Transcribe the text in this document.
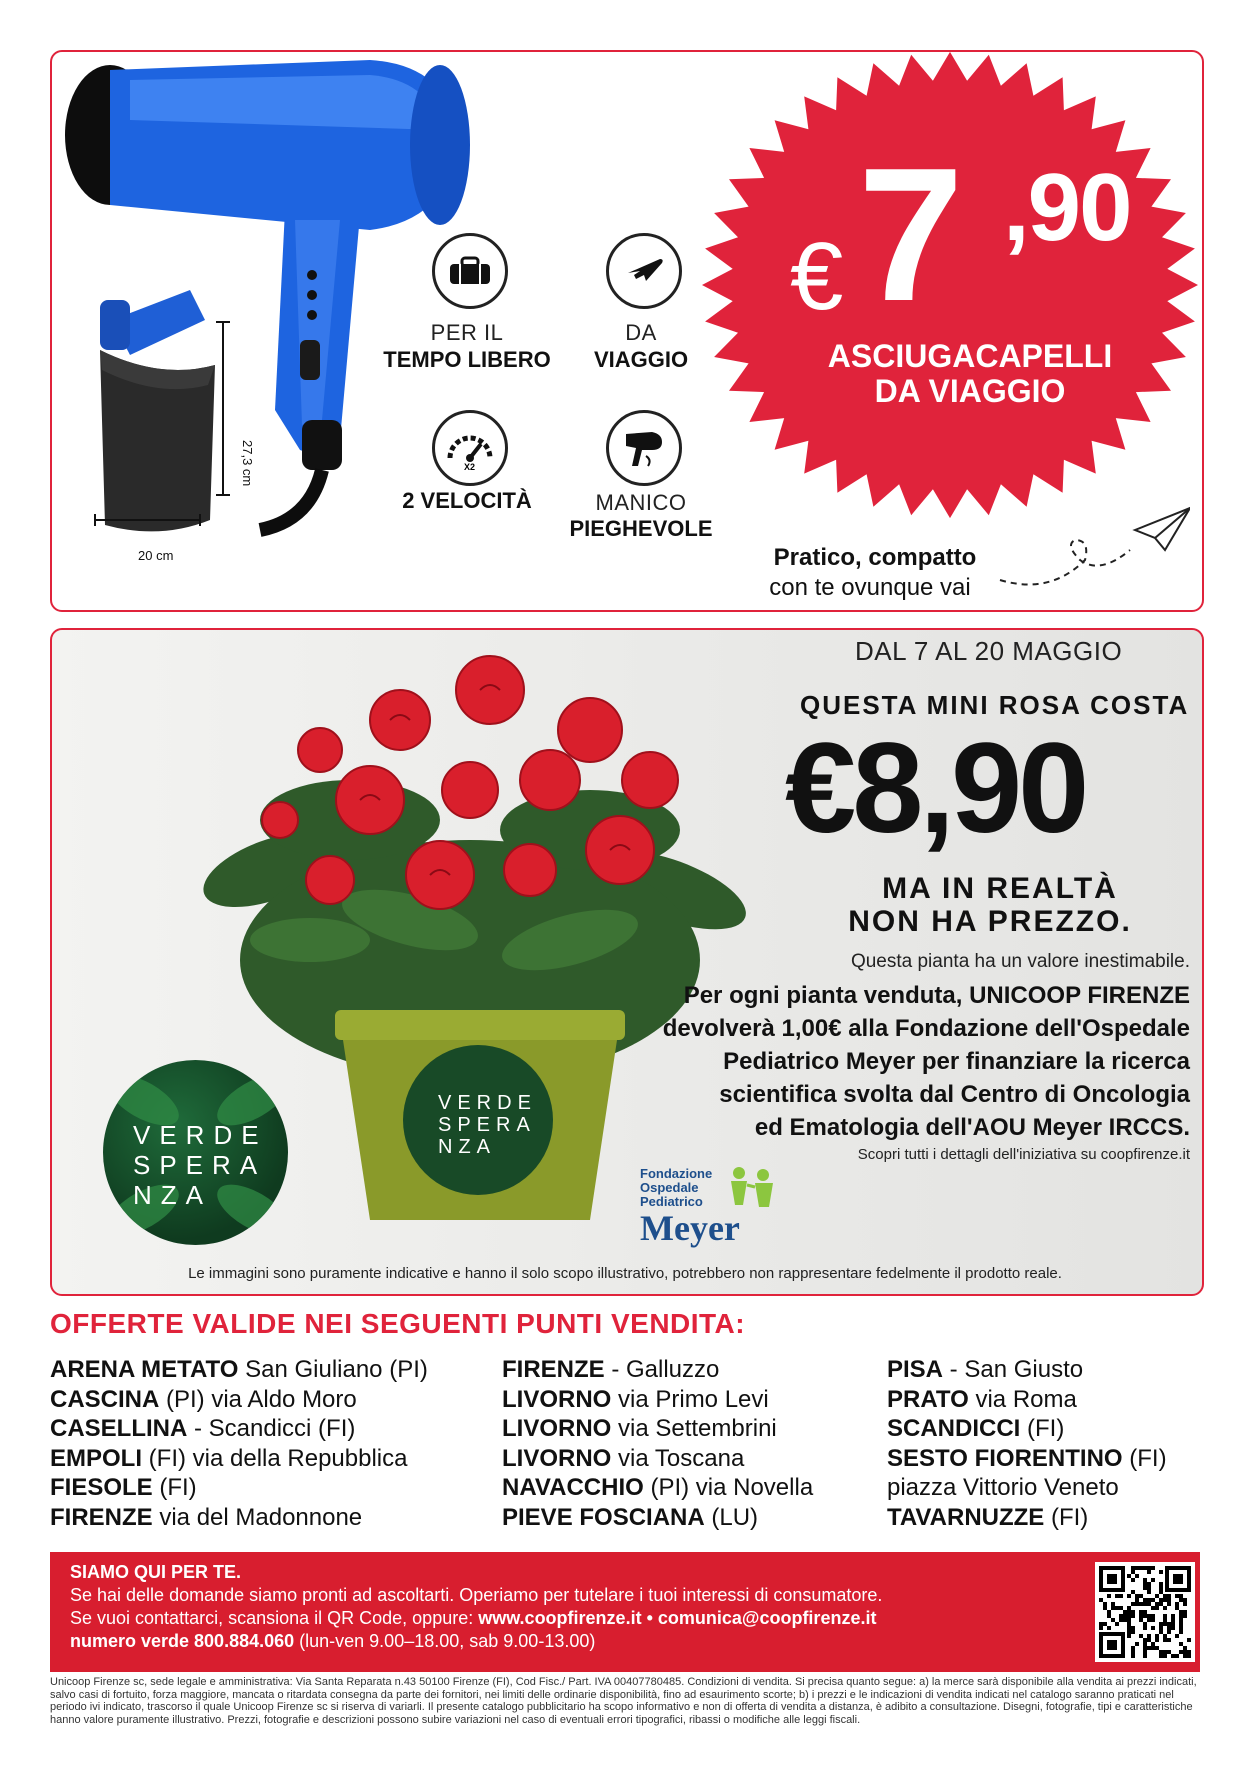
27,3 cm
20 cm
PER IL
TEMPO LIBERO
DA
VIAGGIO
X2
2 VELOCITÀ	MANICO
PIEGHEVOLE
€ 7 ,90
ASCIUGACAPELLI
DA VIAGGIO
Pratico, compatto
con te ovunque vai
VERDE
SPERA
NZA
VERDE
SPERA
NZA
DAL 7 AL 20 MAGGIO
QUESTA MINI ROSA COSTA
€8,90
MA IN REALTÀ
NON HA PREZZO.
Questa pianta ha un valore inestimabile.
Per ogni pianta venduta, UNICOOP FIRENZE
devolverà 1,00€ alla Fondazione dell'Ospedale
Pediatrico Meyer per finanziare la ricerca
scientifica svolta dal Centro di Oncologia
ed Ematologia dell'AOU Meyer IRCCS.
Scopri tutti i dettagli dell'iniziativa su coopfirenze.it
Fondazione
Ospedale
Pediatrico
Meyer
Le immagini sono puramente indicative e hanno il solo scopo illustrativo, potrebbero non rappresentare fedelmente il prodotto reale.
OFFERTE VALIDE NEI SEGUENTI PUNTI VENDITA:
ARENA METATO San Giuliano (PI)
CASCINA (PI) via Aldo Moro
CASELLINA - Scandicci (FI)
EMPOLI (FI) via della Repubblica
FIESOLE (FI)
FIRENZE via del Madonnone
FIRENZE - Galluzzo
LIVORNO via Primo Levi
LIVORNO via Settembrini
LIVORNO via Toscana
NAVACCHIO (PI) via Novella
PIEVE FOSCIANA (LU)
PISA - San Giusto
PRATO via Roma
SCANDICCI (FI)
SESTO FIORENTINO (FI)
piazza Vittorio Veneto
TAVARNUZZE (FI)
SIAMO QUI PER TE.
Se hai delle domande siamo pronti ad ascoltarti. Operiamo per tutelare i tuoi interessi di consumatore.
Se vuoi contattarci, scansiona il QR Code, oppure: www.coopfirenze.it • comunica@coopfirenze.it
numero verde 800.884.060 (lun-ven 9.00–18.00, sab 9.00-13.00)
Unicoop Firenze sc, sede legale e amministrativa: Via Santa Reparata n.43 50100 Firenze (FI), Cod Fisc./ Part. IVA 00407780485. Condizioni di vendita. Si precisa quanto segue: a) la merce sarà disponibile alla vendita ai prezzi indicati, salvo casi di fortuito, forza maggiore, mancata o ritardata consegna da parte dei fornitori, nei limiti delle ordinarie disponibilità, fino ad esaurimento scorte; b) i prezzi e le indicazioni di vendita indicati nel catalogo saranno praticati nel periodo ivi indicato, trascorso il quale Unicoop Firenze sc si riserva di variarli. Il presente catalogo pubblicitario ha scopo informativo e non di offerta di vendita a distanza, è adibito a consultazione. Disegni, fotografie, tipi e caratteristiche hanno valore puramente illustrativo. Prezzi, fotografie e descrizioni possono subire variazioni nel caso di eventuali errori tipografici, ribassi o modifiche alle leggi fiscali.
